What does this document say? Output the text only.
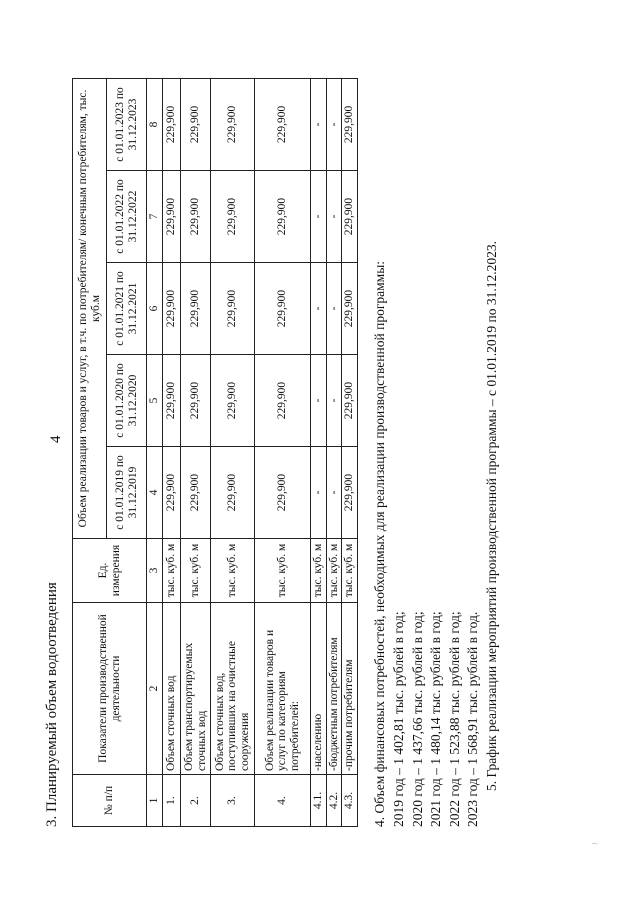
4
3. Планируемый объем водоотведения	№ п/п	Показатели производственной деятельности	Ед. измерения	Объем реализации товаров и услуг, в т.ч. по потребителям/ конечным потребителям, тыс. куб.м				
			с 01.01.2019 по 31.12.2019	с 01.01.2020 по 31.12.2020	с 01.01.2021 по 31.12.2021	с 01.01.2022 по 31.12.2022	с 01.01.2023 по 31.12.2023
1	2	3	4	5	6	7	8
1.	Объем сточных вод	тыс. куб. м	229,900	229,900	229,900	229,900	229,900
2.	Объем транспортируемых сточных вод	тыс. куб. м	229,900	229,900	229,900	229,900	229,900
3.	Объем сточных вод, поступивших на очистные сооружения	тыс. куб. м	229,900	229,900	229,900	229,900	229,900
4.	Объем реализации товаров и услуг по категориям потребителей:	тыс. куб. м	229,900	229,900	229,900	229,900	229,900
4.1.	-населению	тыс. куб. м	-	-	-	-	-
4.2.	-бюджетным потребителям	тыс. куб. м	-	-	-	-	-
4.3.	-прочим потребителям	тыс. куб. м	229,900	229,900	229,900	229,900	229,900
4. Объем финансовых потребностей, необходимых для реализации производственной программы: 2019 год – 1 402,81 тыс. рублей в год; 2020 год – 1 437,66 тыс. рублей в год; 2021 год – 1 480,14 тыс. рублей в год; 2022 год – 1 523,88 тыс. рублей в год; 2023 год – 1 568,91 тыс. рублей в год. 5. График реализации мероприятий производственной программы – с 01.01.2019 по 31.12.2023.
⁾
